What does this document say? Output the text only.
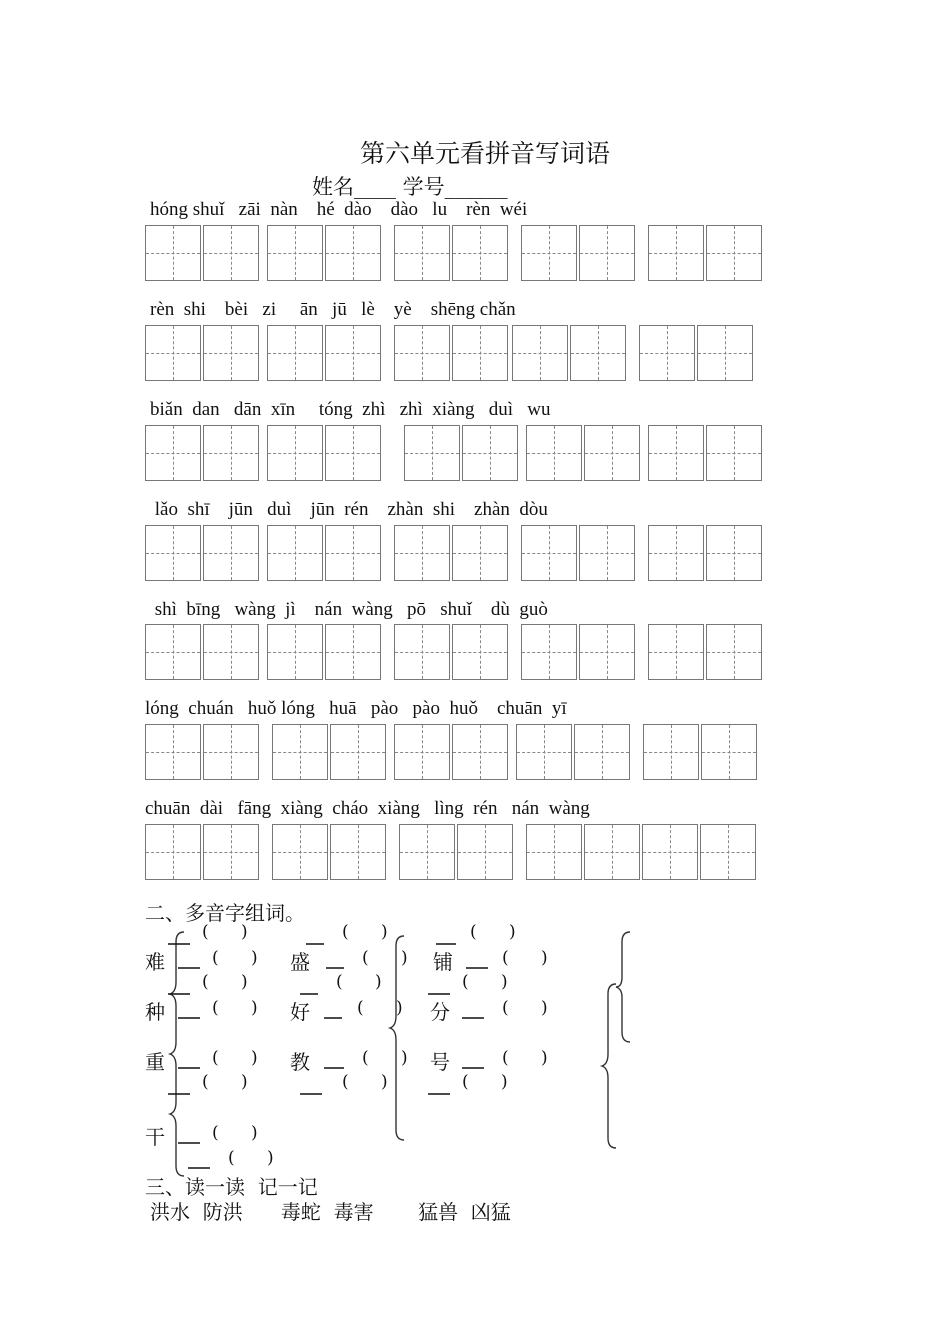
第六单元看拼音写词语
姓名____ 学号______
hóng shuǐ   zāi  nàn    hé  dào    dào   lu    rèn  wéi
rèn  shi    bèi   zi     ān   jū   lè    yè    shēng chǎn
biǎn  dan   dān  xīn     tóng  zhì   zhì  xiàng   duì   wu
lǎo  shī    jūn   duì    jūn  rén    zhàn  shi    zhàn  dòu
shì  bīng   wàng  jì    nán  wàng   pō   shuǐ    dù  guò
lóng  chuán   huǒ lóng   huā   pào   pào  huǒ    chuān  yī
chuān  dài   fāng  xiàng  cháo  xiàng   lìng  rén   nán  wàng
二、多音字组词。
难
种
重
干
盛
好
教
铺
分
号
(      )
(      )
(      )
(      )
(      )
(      )
(      )
(      )
(      )
(      )
(      )
(      )
(      )
(      )
(      )
(      )
(      )
(      )
(      )
(      )
三、读一读  记一记
洪水  防洪      毒蛇  毒害       猛兽  凶猛
